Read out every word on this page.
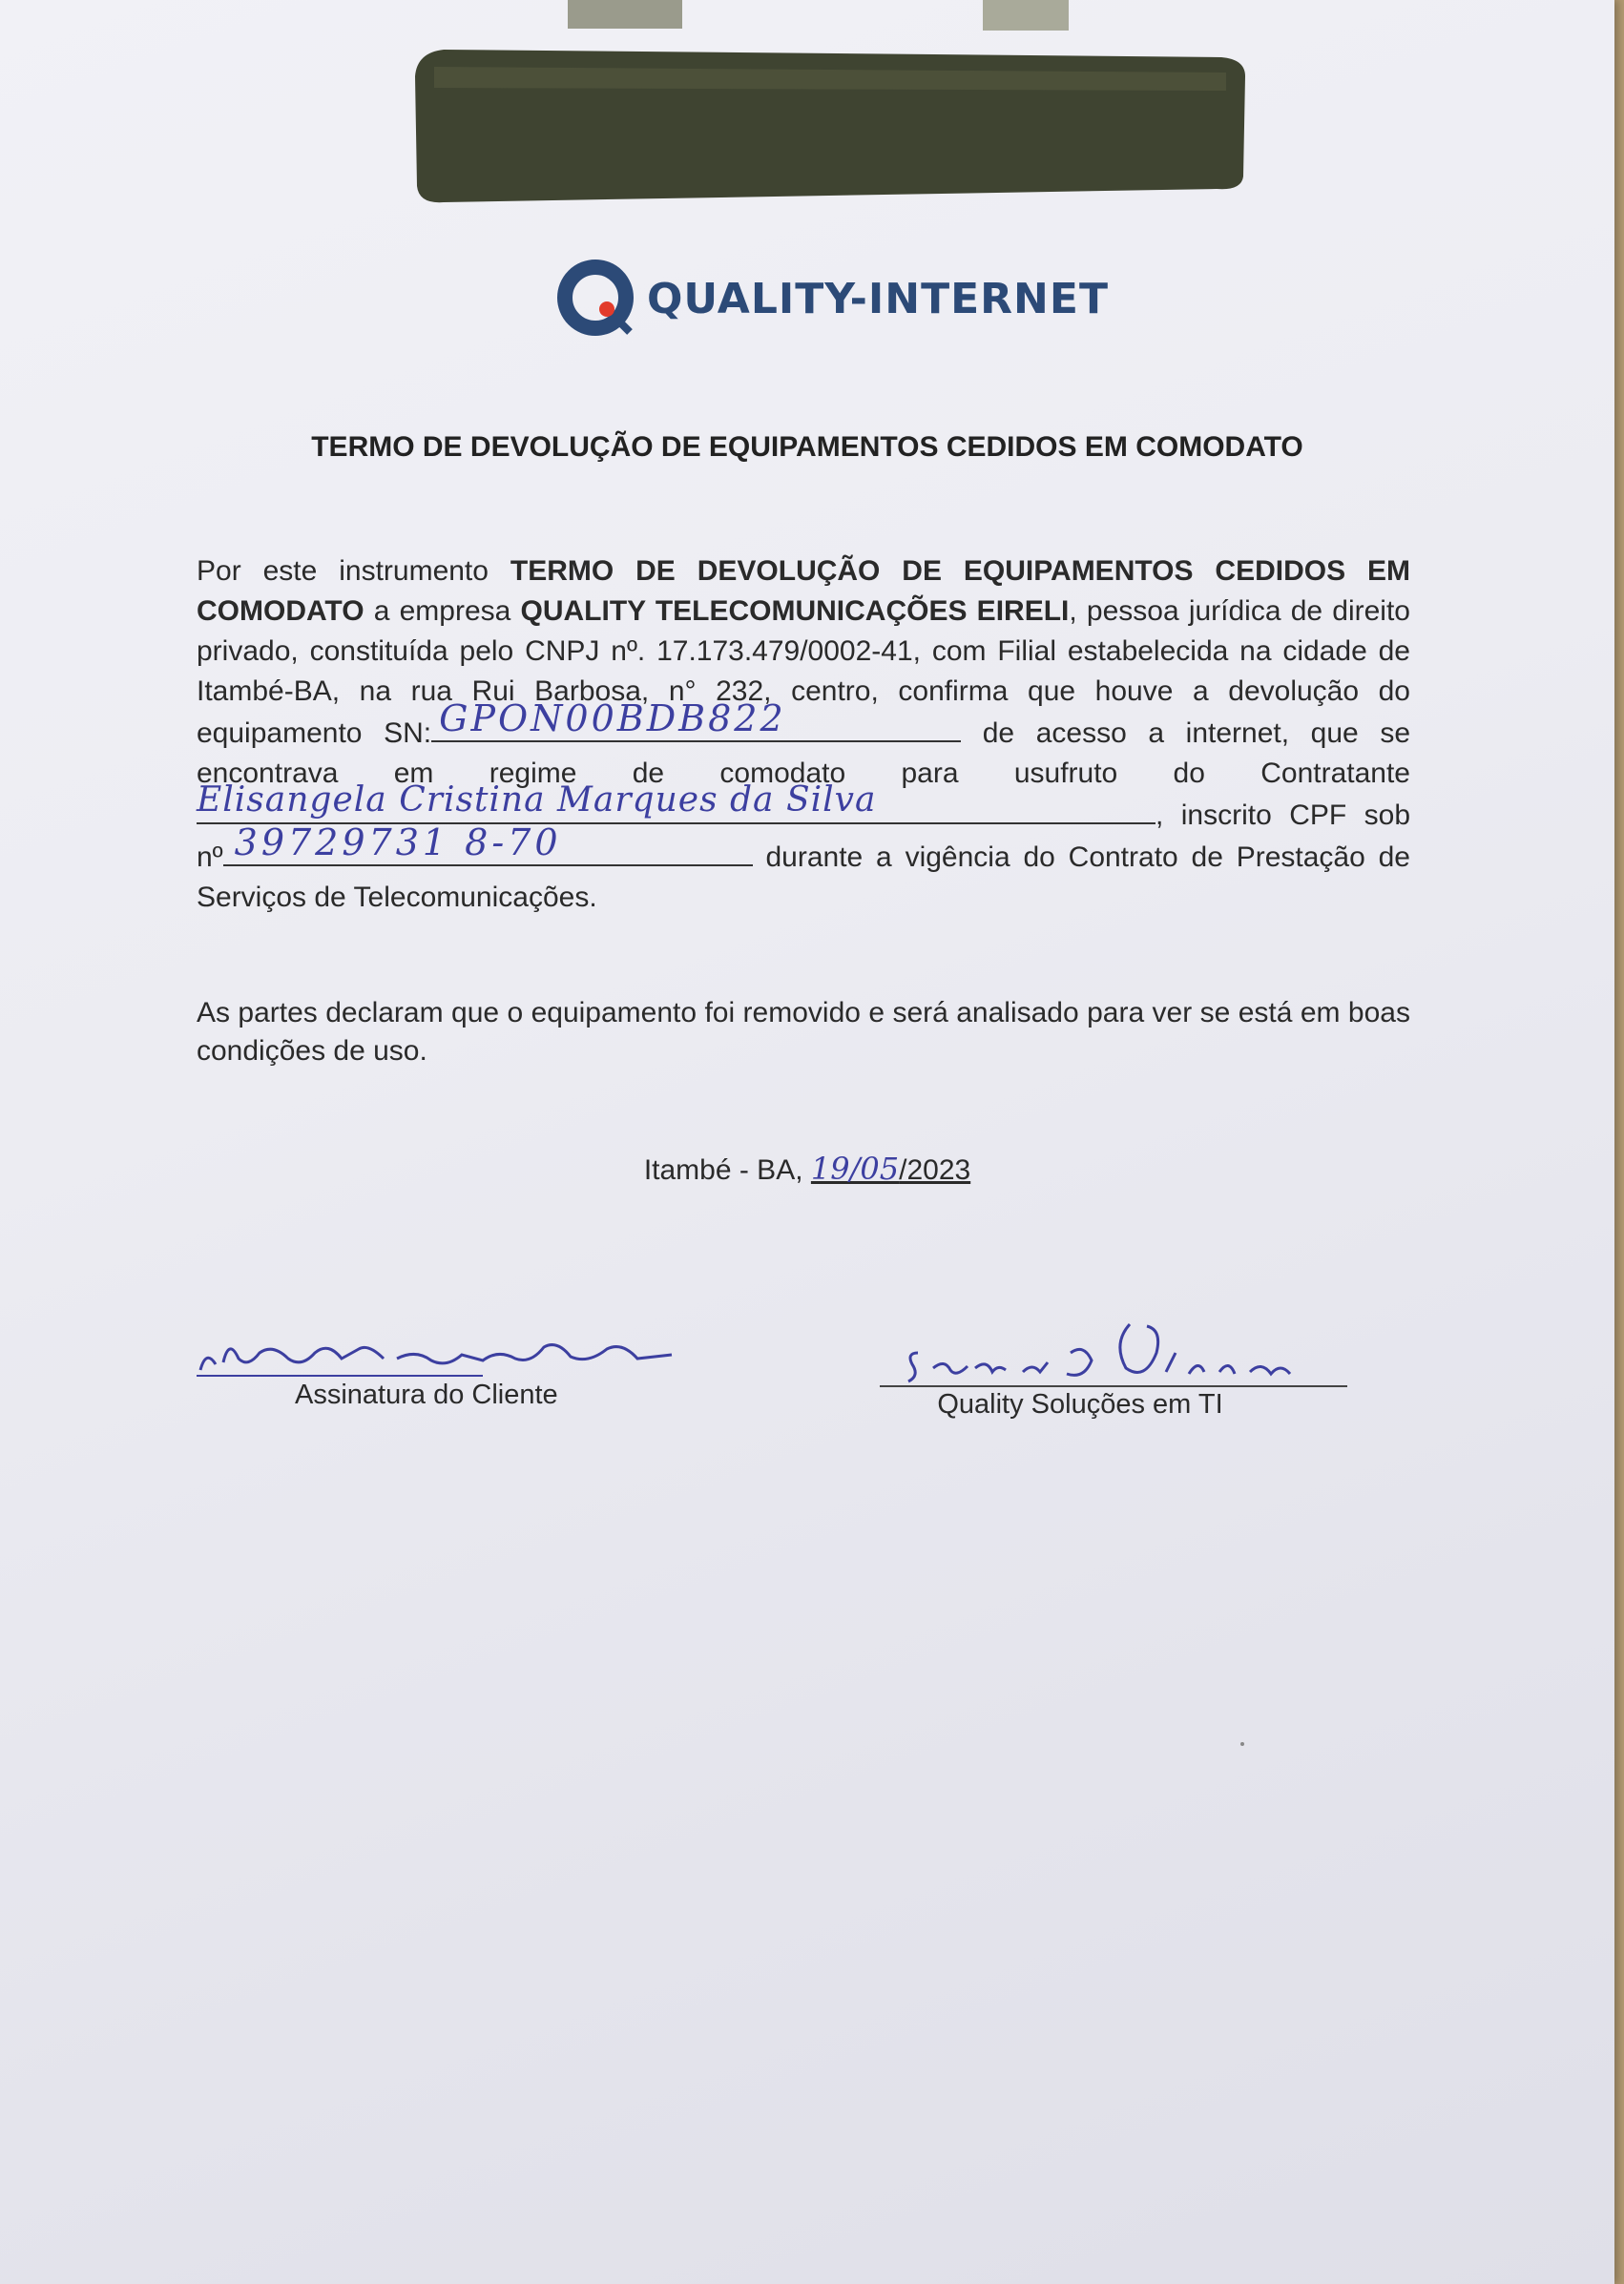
QUALITY-INTERNET
TERMO DE DEVOLUÇÃO DE EQUIPAMENTOS CEDIDOS EM COMODATO
Por este instrumento TERMO DE DEVOLUÇÃO DE EQUIPAMENTOS CEDIDOS EM COMODATO a empresa QUALITY TELECOMUNICAÇÕES EIRELI, pessoa jurídica de direito privado, constituída pelo CNPJ nº. 17.173.479/0002-41, com Filial estabelecida na cidade de Itambé-BA, na rua Rui Barbosa, n° 232, centro, confirma que houve a devolução do equipamento SN: GPON00BDB822	de acesso a internet, que se encontrava em regime de comodato para usufruto do Contratante
Elisangela Cristina Marques da Silva	, inscrito CPF sob nº 39729731 8-70	durante a vigência do Contrato de Prestação de Serviços de Telecomunicações.
As partes declaram que o equipamento foi removido e será analisado para ver se está em boas condições de uso.
Itambé - BA, 19/05/2023
Assinatura do Cliente	Quality Soluções em TI
